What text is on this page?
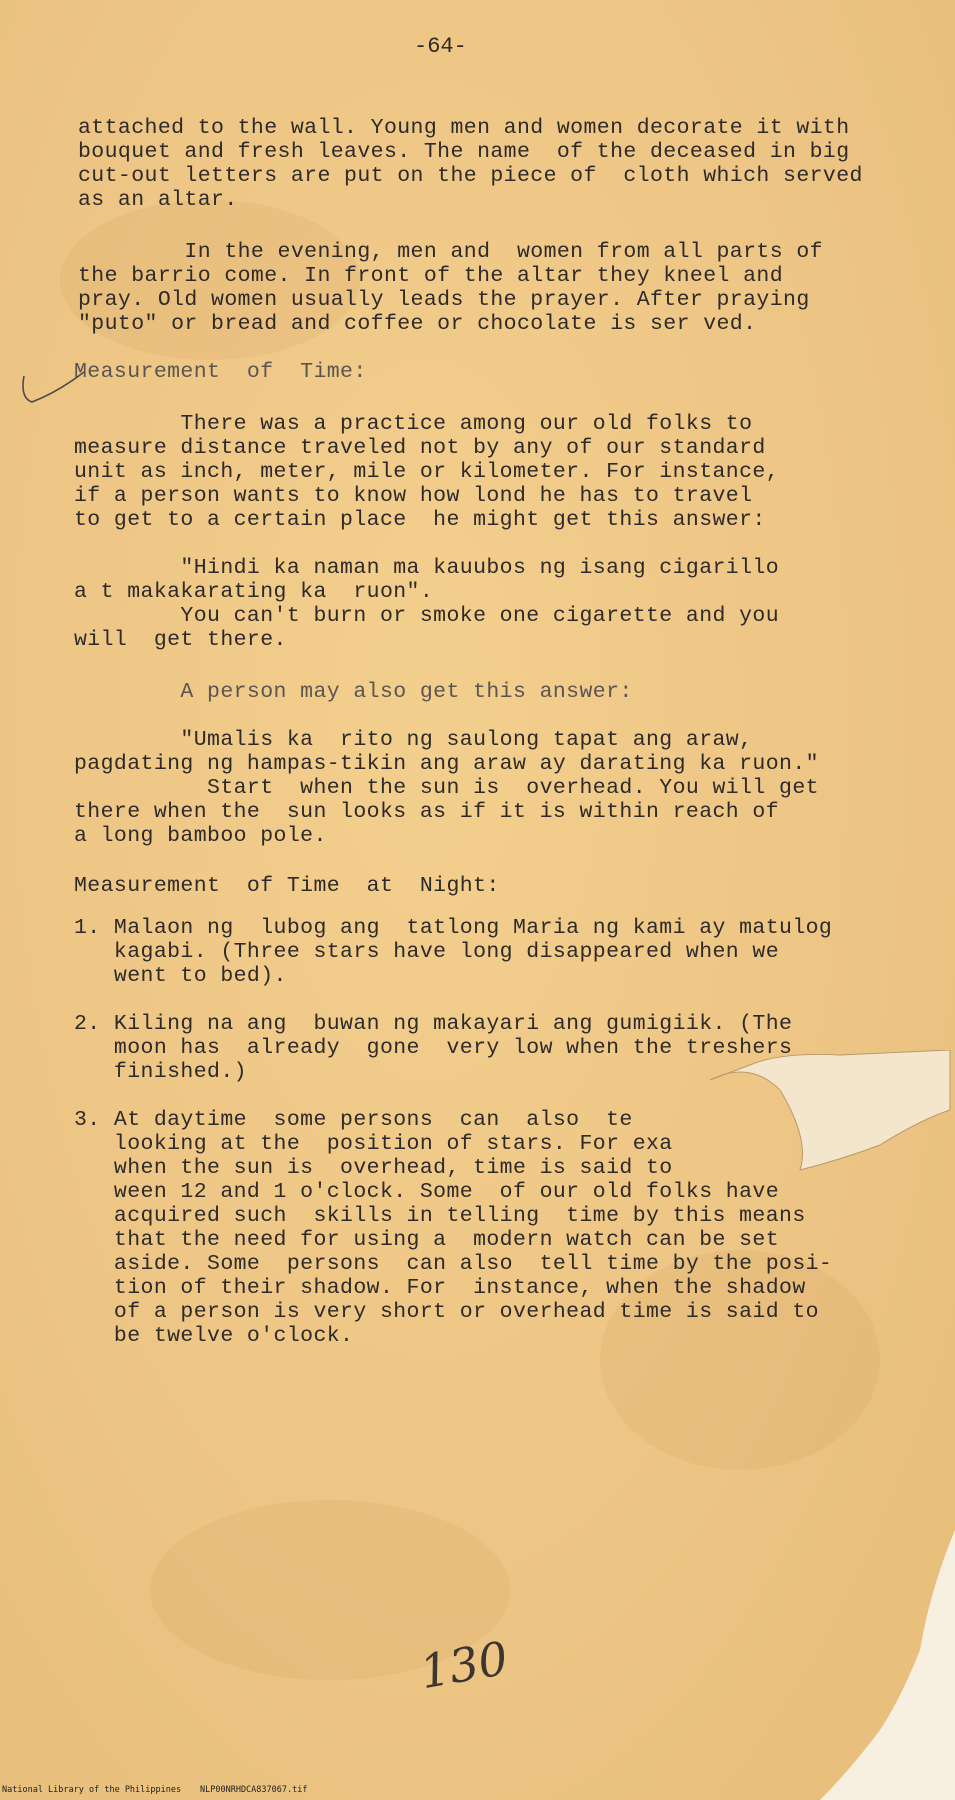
-64-

attached to the wall. Young men and women decorate it with

bouquet and fresh leaves. The name  of the deceased in big

cut-out letters are put on the piece of  cloth which served

as an altar.

In the evening, men and  women from all parts of

the barrio come. In front of the altar they kneel and

pray. Old women usually leads the prayer. After praying

"puto" or bread and coffee or chocolate is ser ved.

Measurement  of  Time:

There was a practice among our old folks to

measure distance traveled not by any of our standard

unit as inch, meter, mile or kilometer. For instance,

if a person wants to know how lond he has to travel

to get to a certain place  he might get this answer:

"Hindi ka naman ma kauubos ng isang cigarillo

a t makakarating ka  ruon".

You can't burn or smoke one cigarette and you

will  get there.

A person may also get this answer:

"Umalis ka  rito ng saulong tapat ang araw,

pagdating ng hampas-tikin ang araw ay darating ka ruon."

Start  when the sun is  overhead. You will get

there when the  sun looks as if it is within reach of

a long bamboo pole.

Measurement  of Time  at  Night:

1. Malaon ng  lubog ang  tatlong Maria ng kami ay matulog

kagabi. (Three stars have long disappeared when we

went to bed).

2. Kiling na ang  buwan ng makayari ang gumigiik. (The

moon has  already  gone  very low when the treshers

finished.)

3. At daytime  some persons  can  also  te

looking at the  position of stars. For exa

when the sun is  overhead, time is said to

ween 12 and 1 o'clock. Some  of our old folks have

acquired such  skills in telling  time by this means

that the need for using a  modern watch can be set

aside. Some  persons  can also  tell time by the posi-

tion of their shadow. For  instance, when the shadow

of a person is very short or overhead time is said to

be twelve o'clock.

130
National Library of the Philippines NLP00NRHDCA837067.tif
